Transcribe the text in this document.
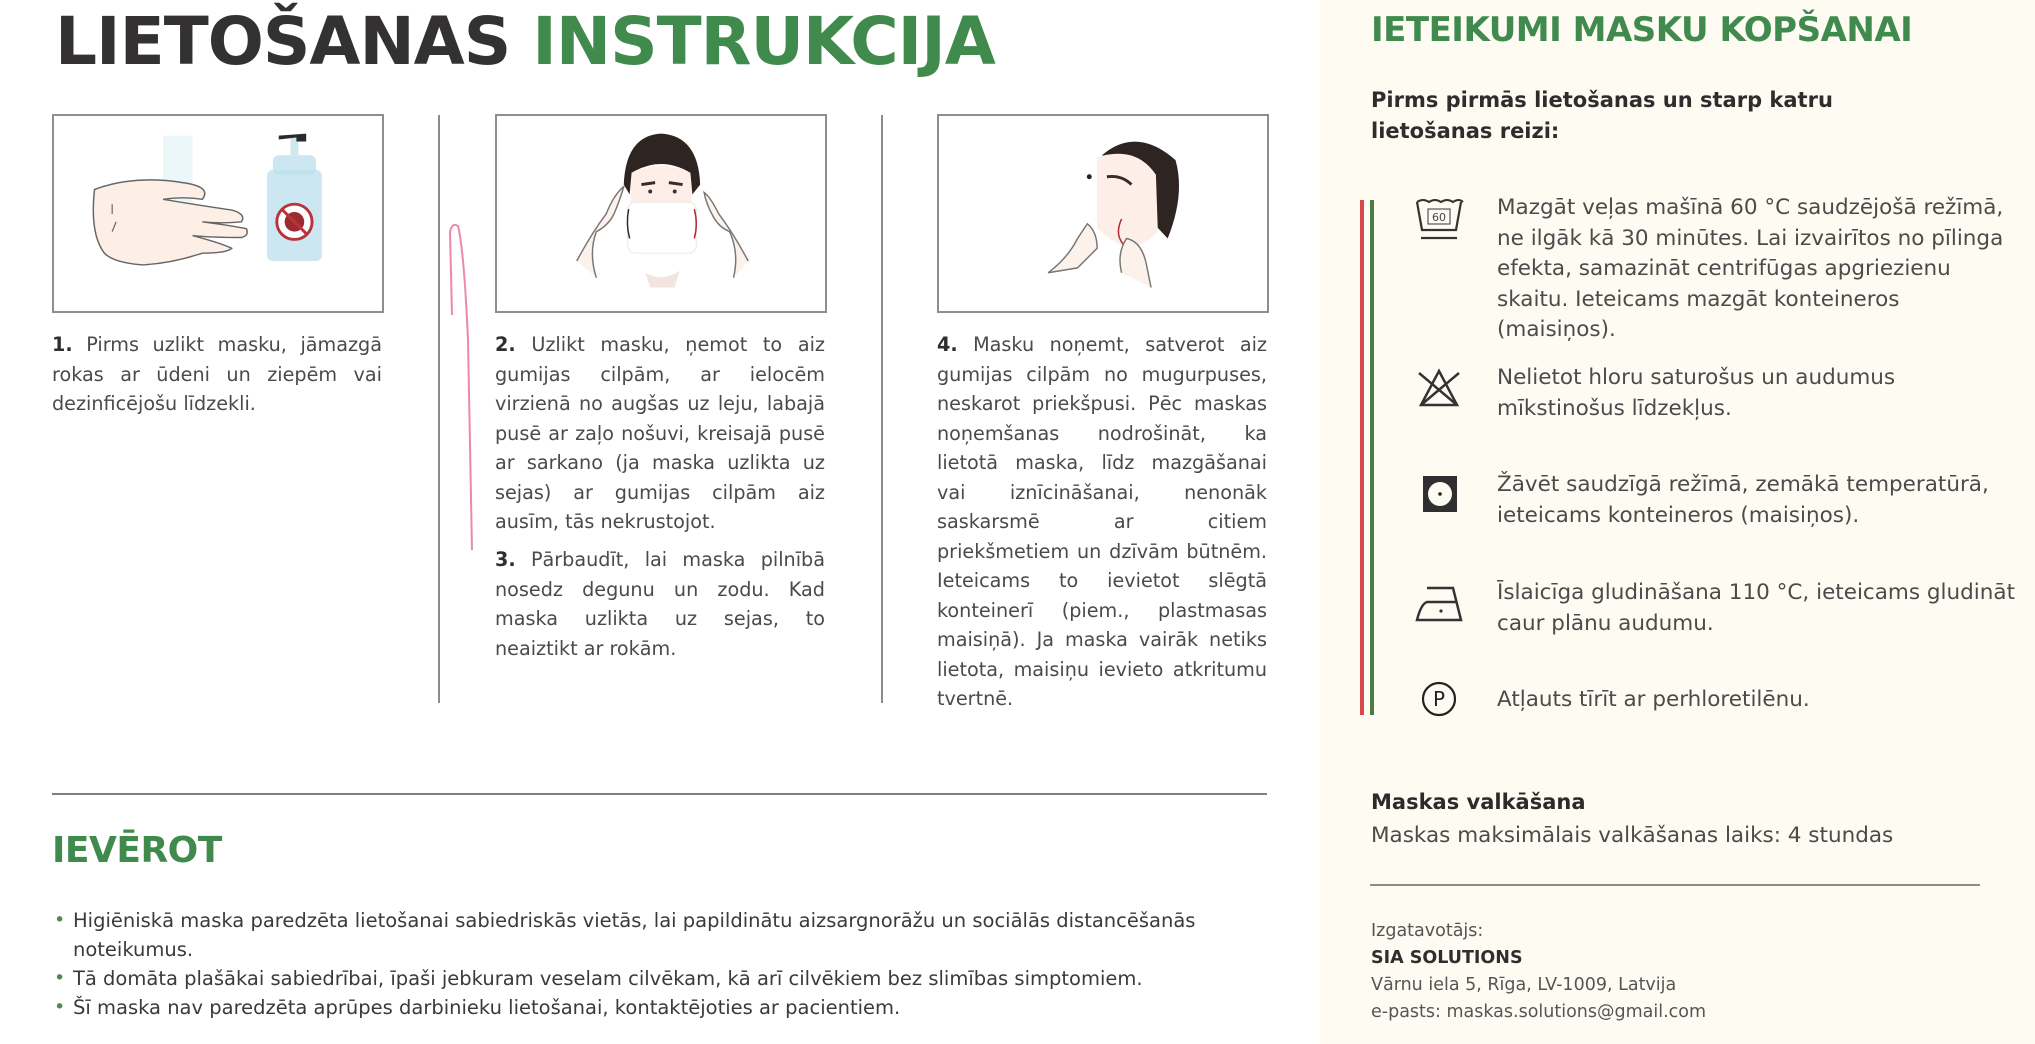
LIETOŠANAS INSTRUKCIJA

1. Pirms uzlikt masku, jāmazgā rokas ar ūdeni un ziepēm vai dezinficējošu līdzekli.

2. Uzlikt masku, ņemot to aiz gumijas cilpām, ar ielocēm virzienā no augšas uz leju, labajā pusē ar zaļo nošuvi, kreisajā pusē ar sarkano (ja maska uzlikta uz sejas) ar gumijas cilpām aiz ausīm, tās nekrustojot.

3. Pārbaudīt, lai maska pilnībā nosedz degunu un zodu. Kad maska uzlikta uz sejas, to neaiztikt ar rokām.

4. Masku noņemt, satverot aiz gumijas cilpām no mugurpuses, neskarot priekšpusi. Pēc maskas noņemšanas nodrošināt, ka lietotā maska, līdz mazgāšanai vai iznīcināšanai, nenonāk saskarsmē ar citiem priekšmetiem un dzīvām būtnēm. Ieteicams to ievietot slēgtā konteinerī (piem., plastmasas maisiņā). Ja maska vairāk netiks lietota, maisiņu ievieto atkritumu tvertnē.

IEVĒROT
• Higiēniskā maska paredzēta lietošanai sabiedriskās vietās, lai papildinātu aizsargnorāžu un sociālās distancēšanās noteikumus.
• Tā domāta plašākai sabiedrībai, īpaši jebkuram veselam cilvēkam, kā arī cilvēkiem bez slimības simptomiem.
• Šī maska nav paredzēta aprūpes darbinieku lietošanai, kontaktējoties ar pacientiem.
IETEIKUMI MASKU KOPŠANAI

Pirms pirmās lietošanas un starp katru lietošanas reizi:

60 Mazgāt veļas mašīnā 60 °C saudzējošā režīmā, ne ilgāk kā 30 minūtes. Lai izvairītos no pīlinga efekta, samazināt centrifūgas apgriezienu skaitu. Ieteicams mazgāt konteineros (maisiņos).

Nelietot hloru saturošus un audumus mīkstinošus līdzekļus.

Žāvēt saudzīgā režīmā, zemākā temperatūrā, ieteicams konteineros (maisiņos).

Īslaicīga gludināšana 110 °C, ieteicams gludināt caur plānu audumu.

P Atļauts tīrīt ar perhloretilēnu.

Maskas valkāšana

Maskas maksimālais valkāšanas laiks: 4 stundas

Izgatavotājs:

SIA SOLUTIONS

Vārnu iela 5, Rīga, LV-1009, Latvija

e-pasts: maskas.solutions@gmail.com
